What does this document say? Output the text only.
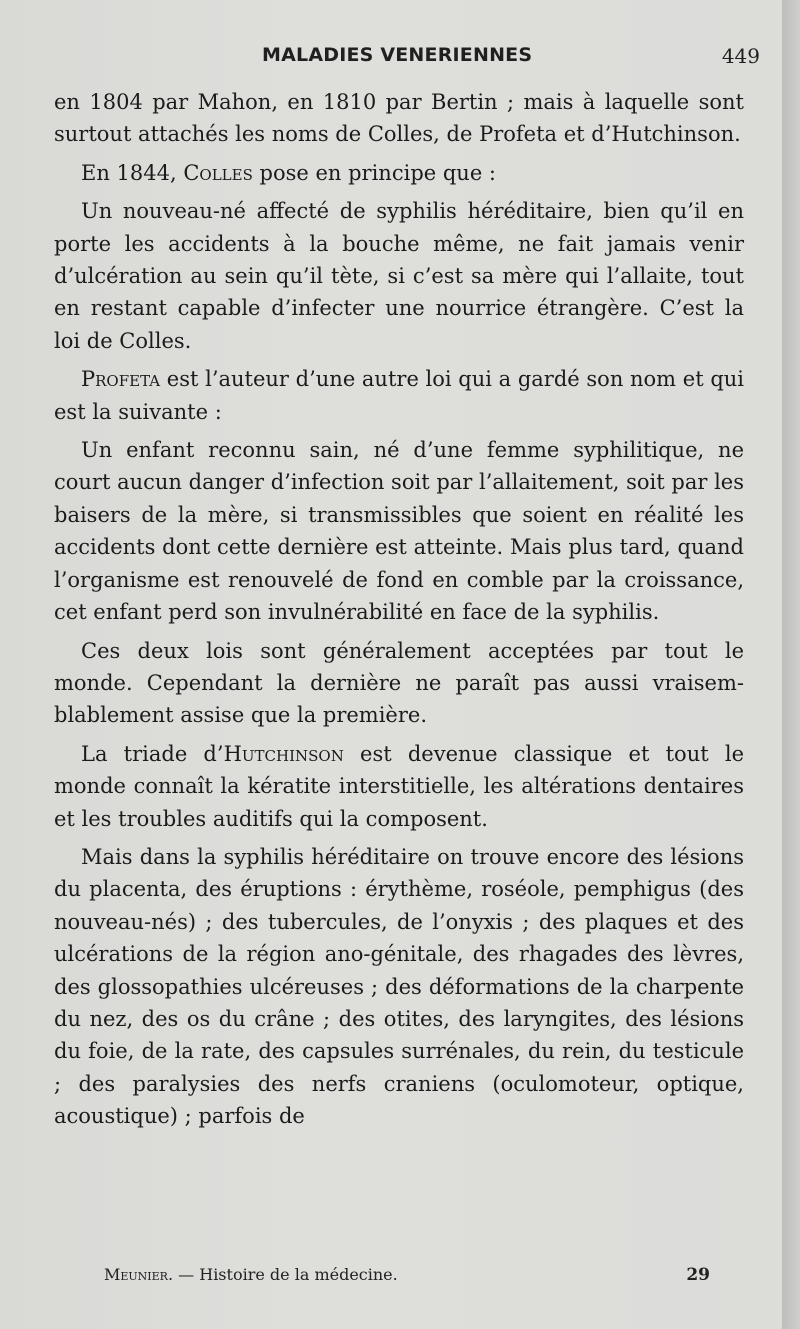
MALADIES VENERIENNES	449

en 1804 par Mahon, en 1810 par Bertin ; mais à laquelle sont surtout attachés les noms de Colles, de Profeta et d’Hutchinson.

En 1844, Colles pose en principe que :

Un nouveau-né affecté de syphilis héréditaire, bien qu’il en porte les accidents à la bouche même, ne fait jamais venir d’ulcération au sein qu’il tète, si c’est sa mère qui l’allaite, tout en restant capable d’infecter une nourrice étrangère. C’est la loi de Colles.

Profeta est l’auteur d’une autre loi qui a gardé son nom et qui est la suivante :

Un enfant reconnu sain, né d’une femme syphilitique, ne court aucun danger d’infection soit par l’allaitement, soit par les baisers de la mère, si transmissibles que soient en réalité les accidents dont cette dernière est atteinte. Mais plus tard, quand l’organisme est renouvelé de fond en comble par la croissance, cet enfant perd son invulnérabilité en face de la syphilis.

Ces deux lois sont généralement acceptées par tout le monde. Cependant la dernière ne paraît pas aussi vraisemblablement assise que la première.

La triade d’Hutchinson est devenue classique et tout le monde connaît la kératite interstitielle, les altérations dentaires et les troubles auditifs qui la composent.

Mais dans la syphilis héréditaire on trouve encore des lésions du placenta, des éruptions : érythème, roséole, pemphigus (des nouveau-nés) ; des tubercules, de l’onyxis ; des plaques et des ulcérations de la région ano-génitale, des rhagades des lèvres, des glossopathies ulcéreuses ; des déformations de la charpente du nez, des os du crâne ; des otites, des laryngites, des lésions du foie, de la rate, des capsules surrénales, du rein, du testicule ; des paralysies des nerfs craniens (oculomoteur, optique, acoustique) ; parfois de

Meunier. — Histoire de la médecine.	29
